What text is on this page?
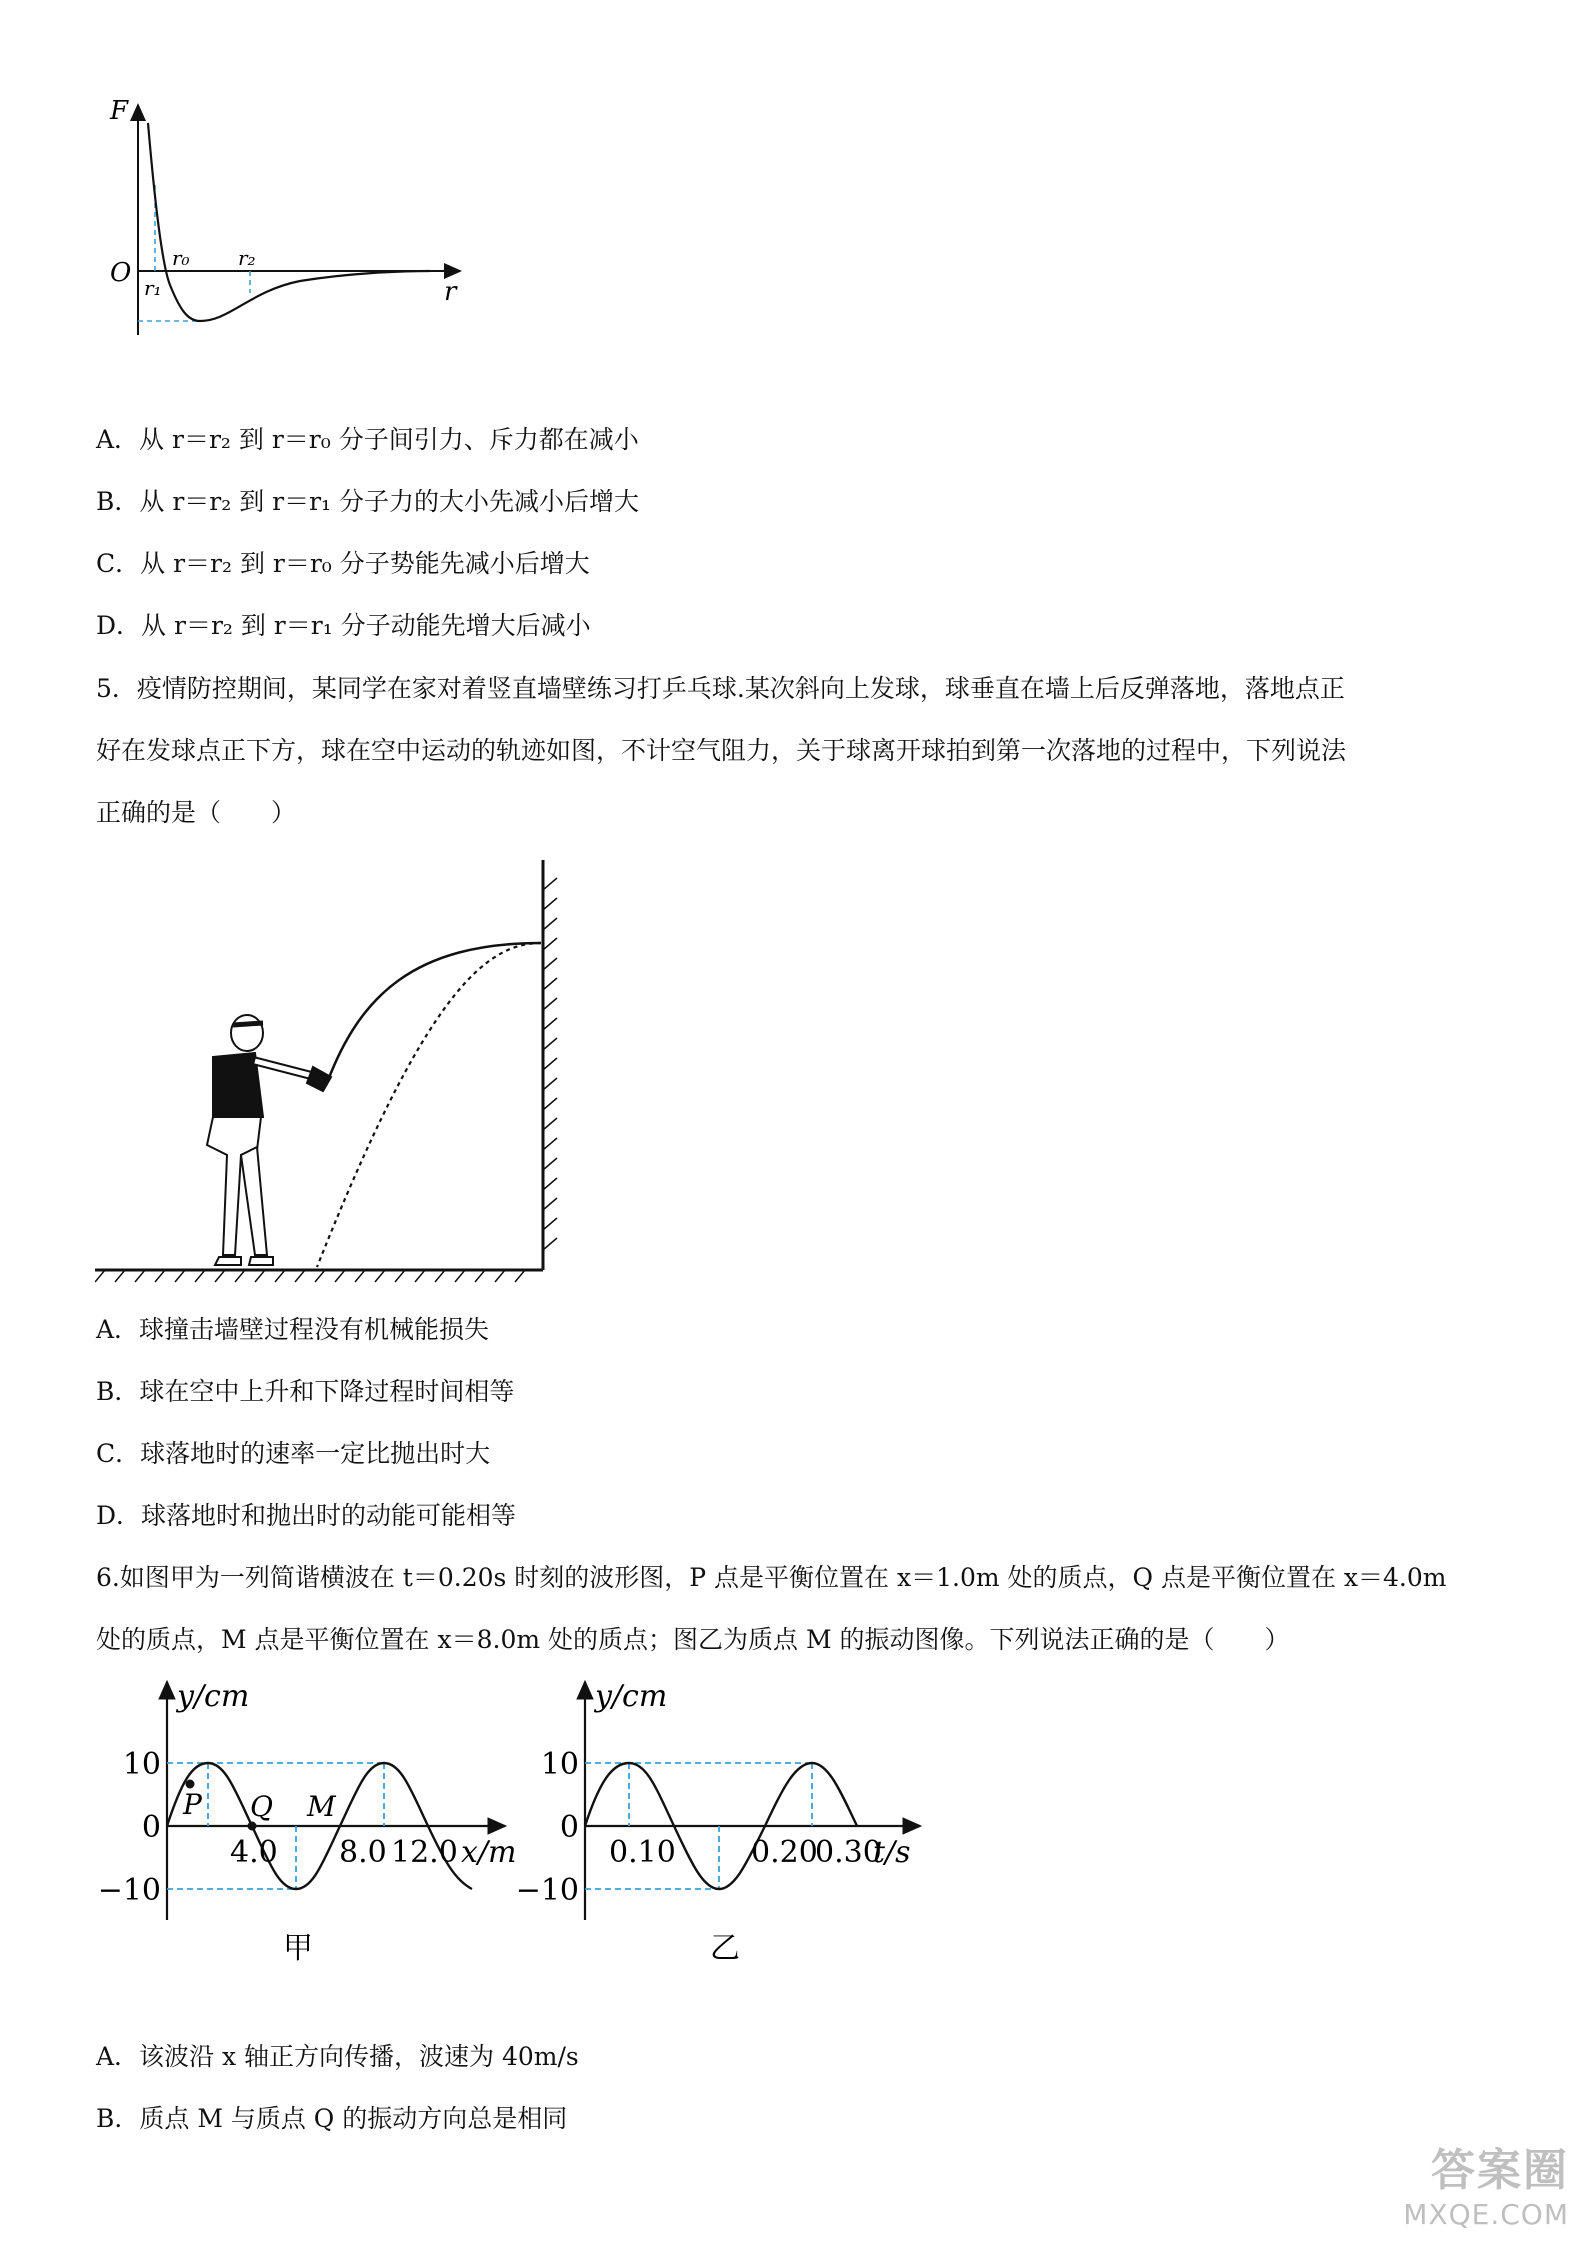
F
r
O r₀
r₁
r₂
A．从 r＝r₂ 到 r＝r₀ 分子间引力、斥力都在减小
B．从 r＝r₂ 到 r＝r₁ 分子力的大小先减小后增大
C．从 r＝r₂ 到 r＝r₀ 分子势能先减小后增大
D．从 r＝r₂ 到 r＝r₁ 分子动能先增大后减小
5．疫情防控期间，某同学在家对着竖直墙壁练习打乒乓球.某次斜向上发球，球垂直在墙上后反弹落地，落地点正
好在发球点正下方，球在空中运动的轨迹如图，不计空气阻力，关于球离开球拍到第一次落地的过程中，下列说法
正确的是（　　）
A．球撞击墙壁过程没有机械能损失
B．球在空中上升和下降过程时间相等
C．球落地时的速率一定比抛出时大
D．球落地时和抛出时的动能可能相等
6.如图甲为一列简谐横波在 t＝0.20s 时刻的波形图，P 点是平衡位置在 x＝1.0m 处的质点，Q 点是平衡位置在 x＝4.0m
处的质点，M 点是平衡位置在 x＝8.0m 处的质点；图乙为质点 M 的振动图像。下列说法正确的是（　　）
P Q M
y/cm
x/m
10
0
−10
4.0 8.0 12.0
甲
y/cm
t/s
10
0
−10
0.10	0.20
0.30
乙
A．该波沿 x 轴正方向传播，波速为 40m/s
B．质点 M 与质点 Q 的振动方向总是相同
答案圈
MXQE.COM
